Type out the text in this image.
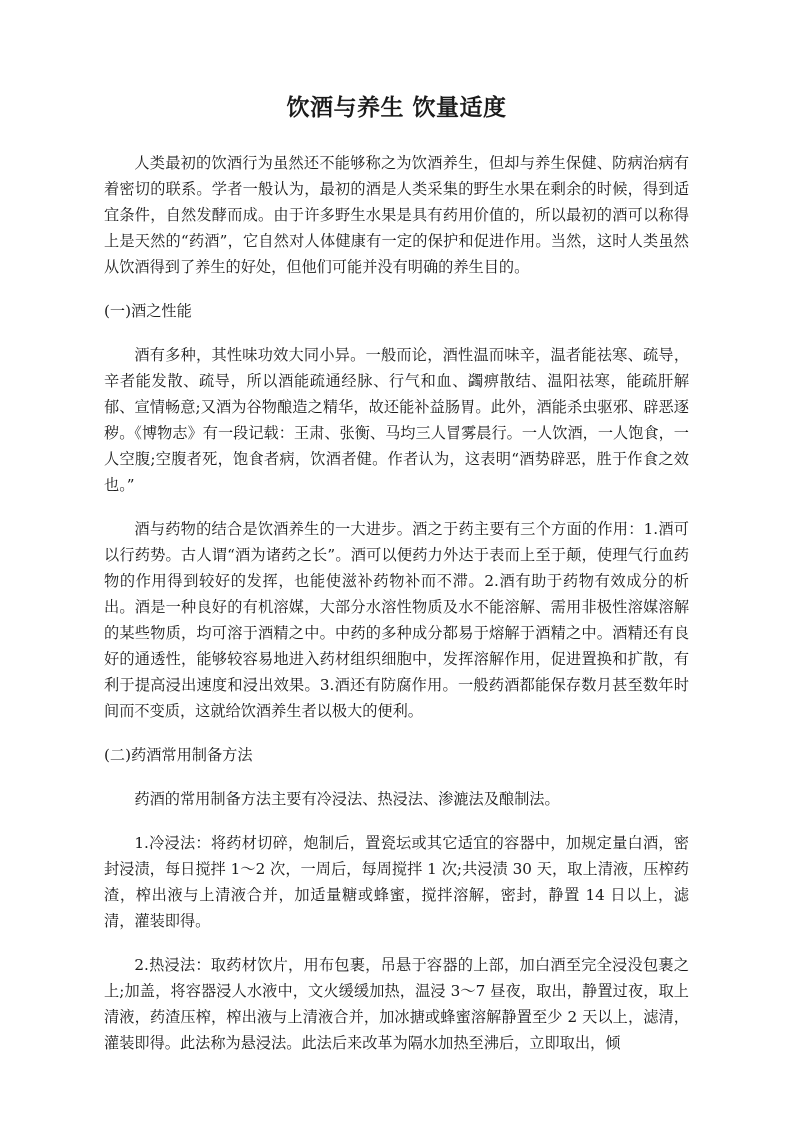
饮酒与养生 饮量适度

人类最初的饮酒行为虽然还不能够称之为饮酒养生，但却与养生保健、防病治病有着密切的联系。学者一般认为，最初的酒是人类采集的野生水果在剩余的时候，得到适宜条件，自然发酵而成。由于许多野生水果是具有药用价值的，所以最初的酒可以称得上是天然的“药酒”，它自然对人体健康有一定的保护和促进作用。当然，这时人类虽然从饮酒得到了养生的好处，但他们可能并没有明确的养生目的。

(一)酒之性能

酒有多种，其性味功效大同小异。一般而论，酒性温而味辛，温者能祛寒、疏导，辛者能发散、疏导，所以酒能疏通经脉、行气和血、蠲痹散结、温阳祛寒，能疏肝解郁、宣情畅意;又酒为谷物酿造之精华，故还能补益肠胃。此外，酒能杀虫驱邪、辟恶逐秽。《博物志》有一段记载：王肃、张衡、马均三人冒雾晨行。一人饮酒，一人饱食，一人空腹;空腹者死，饱食者病，饮酒者健。作者认为，这表明“酒势辟恶，胜于作食之效也。”

酒与药物的结合是饮酒养生的一大进步。酒之于药主要有三个方面的作用：1.酒可以行药势。古人谓“酒为诸药之长”。酒可以便药力外达于表而上至于颠，使理气行血药物的作用得到较好的发挥，也能使滋补药物补而不滞。2.酒有助于药物有效成分的析出。酒是一种良好的有机溶媒，大部分水溶性物质及水不能溶解、需用非极性溶媒溶解的某些物质，均可溶于酒精之中。中药的多种成分都易于熔解于酒精之中。酒精还有良好的通透性，能够较容易地进入药材组织细胞中，发挥溶解作用，促进置换和扩散，有利于提高浸出速度和浸出效果。3.酒还有防腐作用。一般药酒都能保存数月甚至数年时间而不变质，这就给饮酒养生者以极大的便利。

(二)药酒常用制备方法

药酒的常用制备方法主要有冷浸法、热浸法、渗漉法及酿制法。

1.冷浸法：将药材切碎，炮制后，置瓷坛或其它适宜的容器中，加规定量白酒，密封浸渍，每日搅拌 1～2 次，一周后，每周搅拌 1 次;共浸渍 30 天，取上清液，压榨药渣，榨出液与上清液合并，加适量糖或蜂蜜，搅拌溶解，密封，静置 14 日以上，滤清，灌装即得。

2.热浸法：取药材饮片，用布包裹，吊悬于容器的上部，加白酒至完全浸没包裹之上;加盖，将容器浸人水液中，文火缓缓加热，温浸 3～7 昼夜，取出，静置过夜，取上清液，药渣压榨，榨出液与上清液合并，加冰搪或蜂蜜溶解静置至少 2 天以上，滤清，灌装即得。此法称为悬浸法。此法后来改革为隔水加热至沸后，立即取出，倾
